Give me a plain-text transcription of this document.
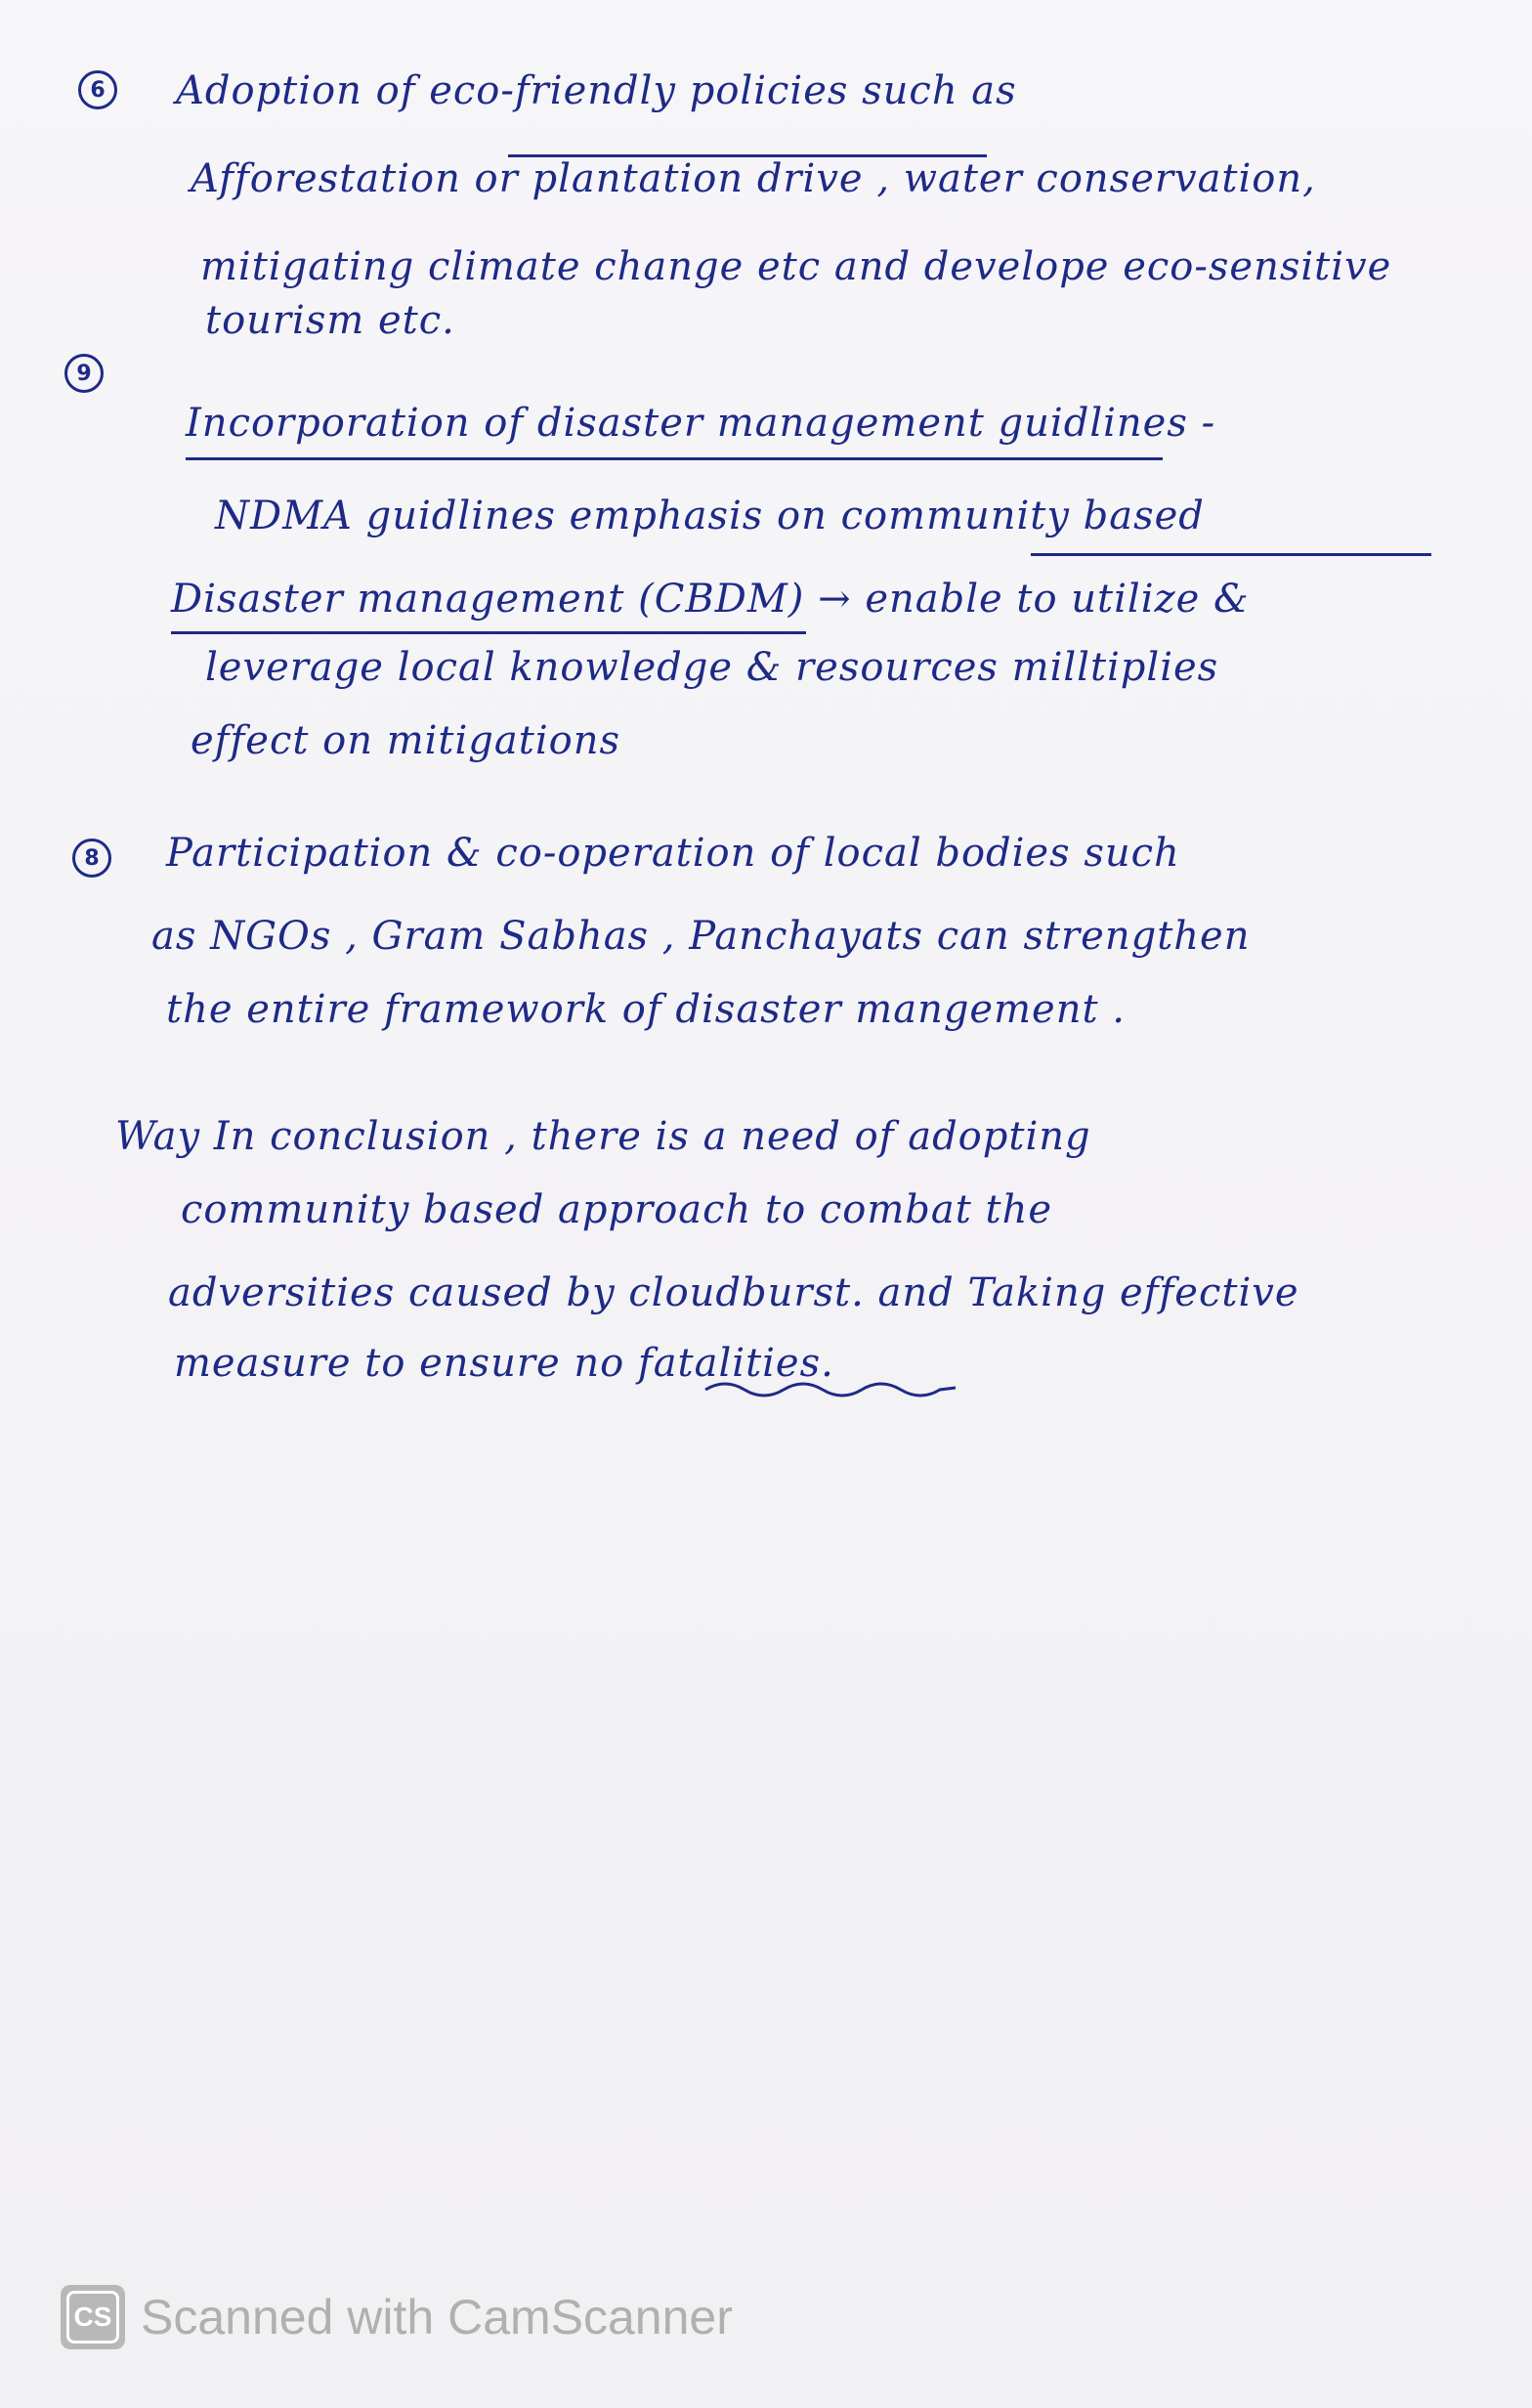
6	Adoption of eco-friendly policies such as
Afforestation or plantation drive , water conservation,
mitigating climate change etc and develope eco-sensitive
tourism etc.
9
Incorporation of disaster management guidlines -
NDMA guidlines emphasis on community based
Disaster management (CBDM) → enable to utilize &
leverage local knowledge & resources milltiplies
effect on mitigations
8	Participation & co-operation of local bodies such
as NGOs , Gram Sabhas , Panchayats can strengthen
the entire framework of disaster mangement .
Way In conclusion , there is a need of adopting
community based approach to combat the
adversities caused by cloudburst. and Taking effective
measure to ensure no fatalities.
CS Scanned with CamScanner
